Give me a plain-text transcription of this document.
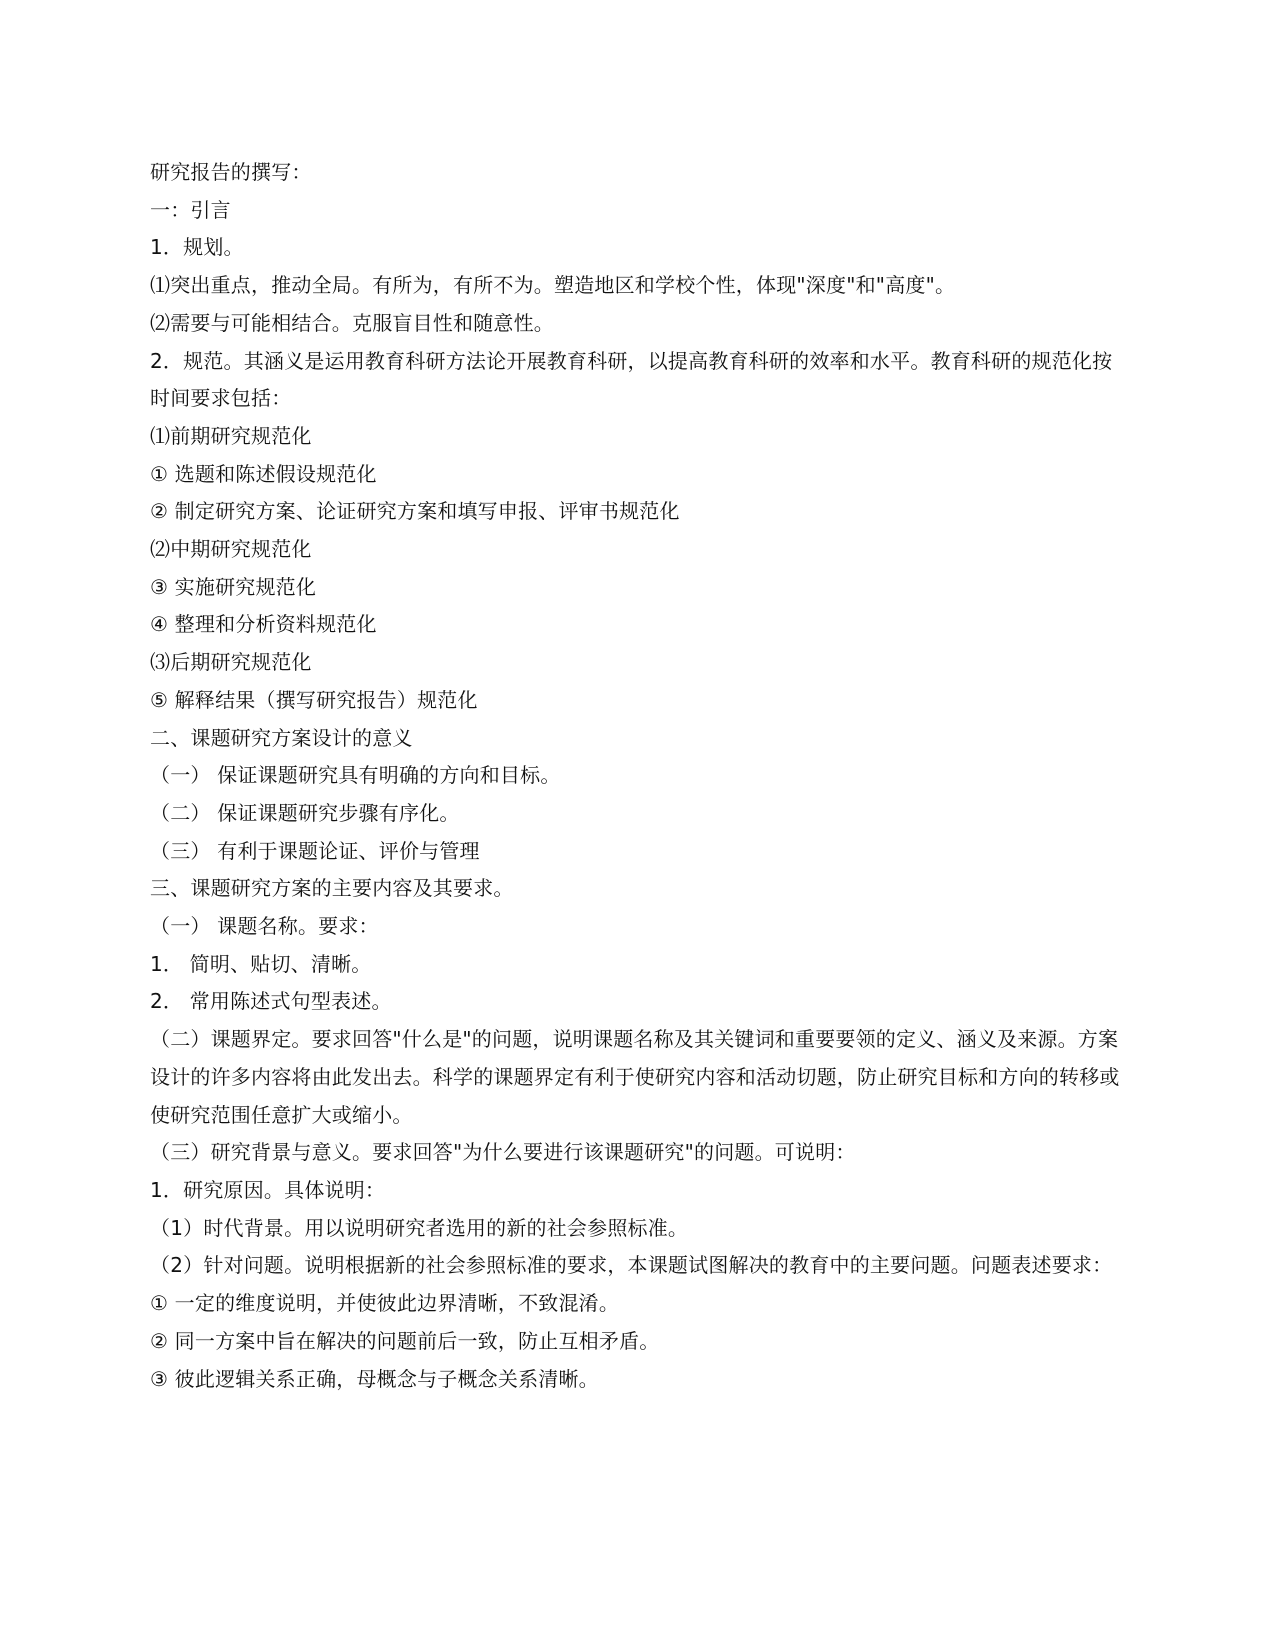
研究报告的撰写：
一：引言
1．规划。
⑴突出重点，推动全局。有所为，有所不为。塑造地区和学校个性，体现"深度"和"高度"。
⑵需要与可能相结合。克服盲目性和随意性。
2．规范。其涵义是运用教育科研方法论开展教育科研，以提高教育科研的效率和水平。教育科研的规范化按时间要求包括：
⑴前期研究规范化
① 选题和陈述假设规范化
② 制定研究方案、论证研究方案和填写申报、评审书规范化
⑵中期研究规范化
③ 实施研究规范化
④ 整理和分析资料规范化
⑶后期研究规范化
⑤ 解释结果（撰写研究报告）规范化
二、课题研究方案设计的意义
（一） 保证课题研究具有明确的方向和目标。
（二） 保证课题研究步骤有序化。
（三） 有利于课题论证、评价与管理
三、课题研究方案的主要内容及其要求。
（一） 课题名称。要求：
1． 简明、贴切、清晰。
2． 常用陈述式句型表述。
（二）课题界定。要求回答"什么是"的问题，说明课题名称及其关键词和重要要领的定义、涵义及来源。方案设计的许多内容将由此发出去。科学的课题界定有利于使研究内容和活动切题，防止研究目标和方向的转移或使研究范围任意扩大或缩小。
（三）研究背景与意义。要求回答"为什么要进行该课题研究"的问题。可说明：
1．研究原因。具体说明：
（1）时代背景。用以说明研究者选用的新的社会参照标准。
（2）针对问题。说明根据新的社会参照标准的要求，本课题试图解决的教育中的主要问题。问题表述要求：
① 一定的维度说明，并使彼此边界清晰，不致混淆。
② 同一方案中旨在解决的问题前后一致，防止互相矛盾。
③ 彼此逻辑关系正确，母概念与子概念关系清晰。
